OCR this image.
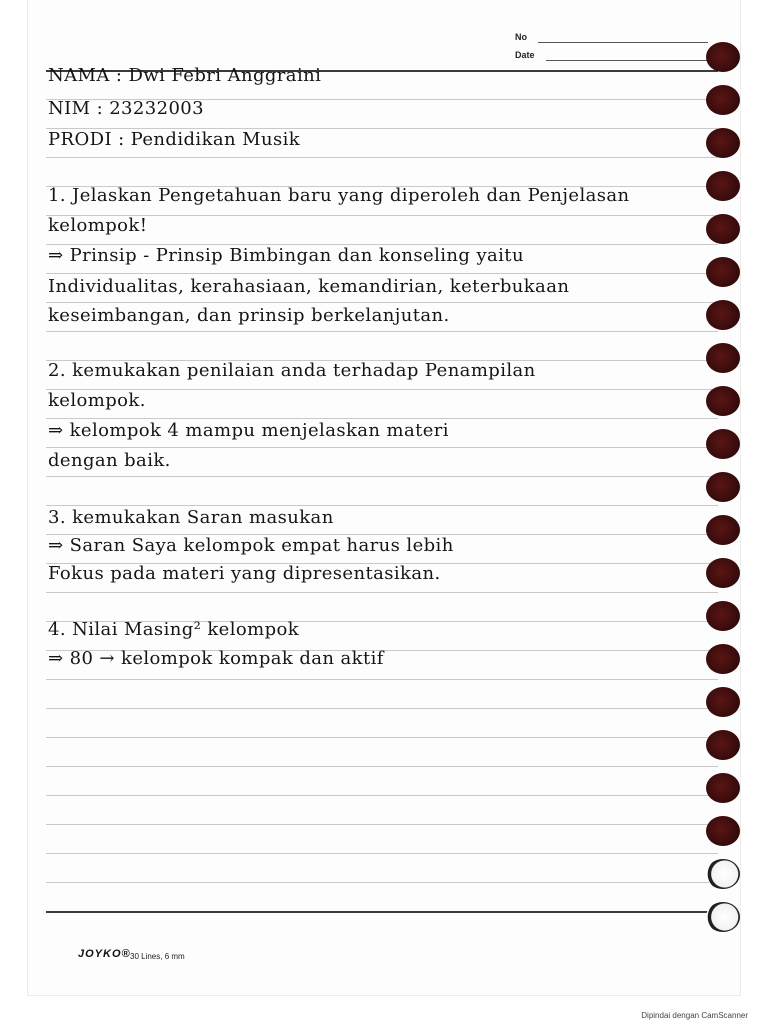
No
Date
NAMA : Dwi Febri Anggraini
NIM : 23232003
PRODI : Pendidikan Musik
1. Jelaskan Pengetahuan baru yang diperoleh dan Penjelasan
kelompok!
⇒ Prinsip - Prinsip Bimbingan dan konseling yaitu
Individualitas, kerahasiaan, kemandirian, keterbukaan
keseimbangan, dan prinsip berkelanjutan.
2. kemukakan penilaian anda terhadap Penampilan
kelompok.
⇒ kelompok 4 mampu menjelaskan materi
dengan baik.
3. kemukakan Saran masukan
⇒ Saran Saya kelompok empat harus lebih
Fokus pada materi yang dipresentasikan.
4. Nilai Masing² kelompok
⇒ 80 → kelompok kompak dan aktif
JOYKO® 30 Lines, 6 mm
Dipindai dengan CamScanner
